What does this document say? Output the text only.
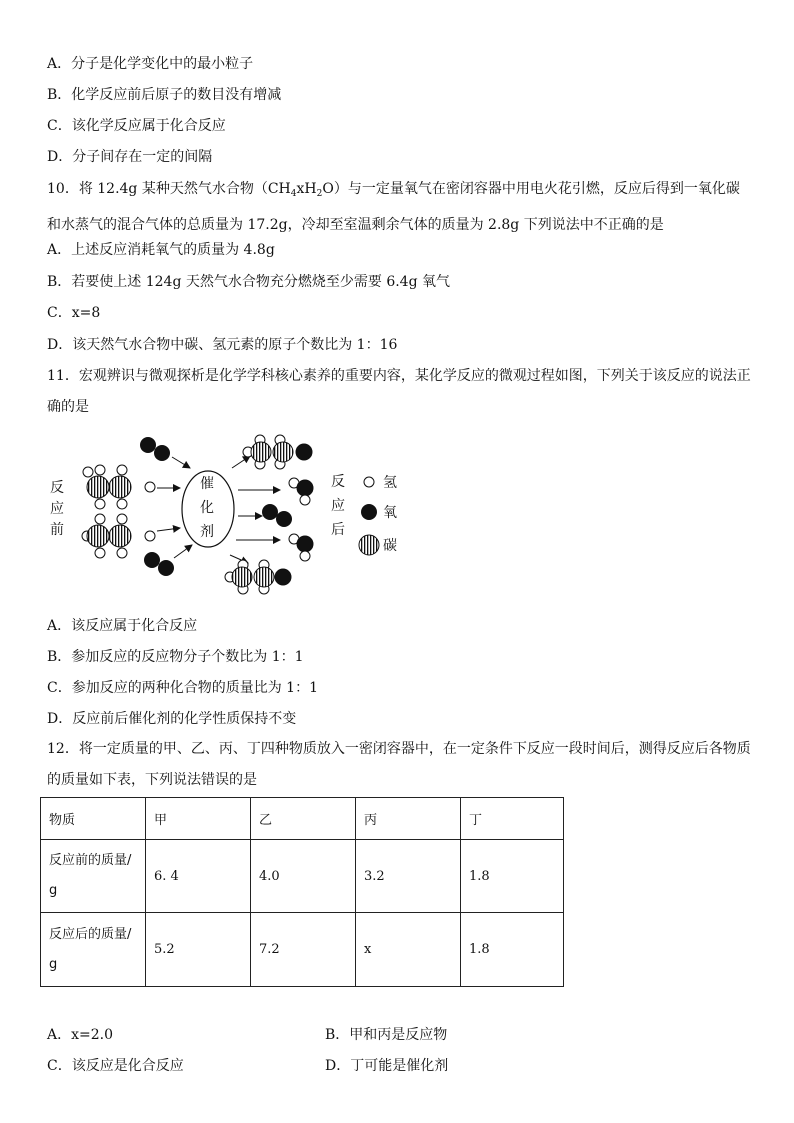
A．分子是化学变化中的最小粒子
B．化学反应前后原子的数目没有增减
C．该化学反应属于化合反应
D．分子间存在一定的间隔
10．将 12.4g 某种天然气水合物$(CH_4xH_2O)$与一定量氧气在密闭容器中用电火花引燃，反应后得到一氧化碳和水蒸气的混合气体的总质量为 17.2g，冷却至室温剩余气体的质量为 2.8g 下列说法中不正确的是
A．上述反应消耗氧气的质量为 4.8g
B．若要使上述 124g 天然气水合物充分燃烧至少需要 6.4g 氧气
C．x=8
D．该天然气水合物中碳、氢元素的原子个数比为 1：16
11．宏观辨识与微观探析是化学学科核心素养的重要内容，某化学反应的微观过程如图，下列关于该反应的说法正确的是
反
应
前
催
化
剂
反
应
后
氢
氧
碳
A．该反应属于化合反应
B．参加反应的反应物分子个数比为 1：1
C．参加反应的两种化合物的质量比为 1：1
D．反应前后催化剂的化学性质保持不变
12．将一定质量的甲、乙、丙、丁四种物质放入一密闭容器中，在一定条件下反应一段时间后，测得反应后各物质的质量如下表，下列说法错误的是
物质	甲	乙	丙	丁
反应前的质量/g	6. 4	4.0	3.2	1.8
反应后的质量/g	5.2	7.2	x	1.8
A．x=2.0	B．甲和丙是反应物
C．该反应是化合反应	D．丁可能是催化剂
